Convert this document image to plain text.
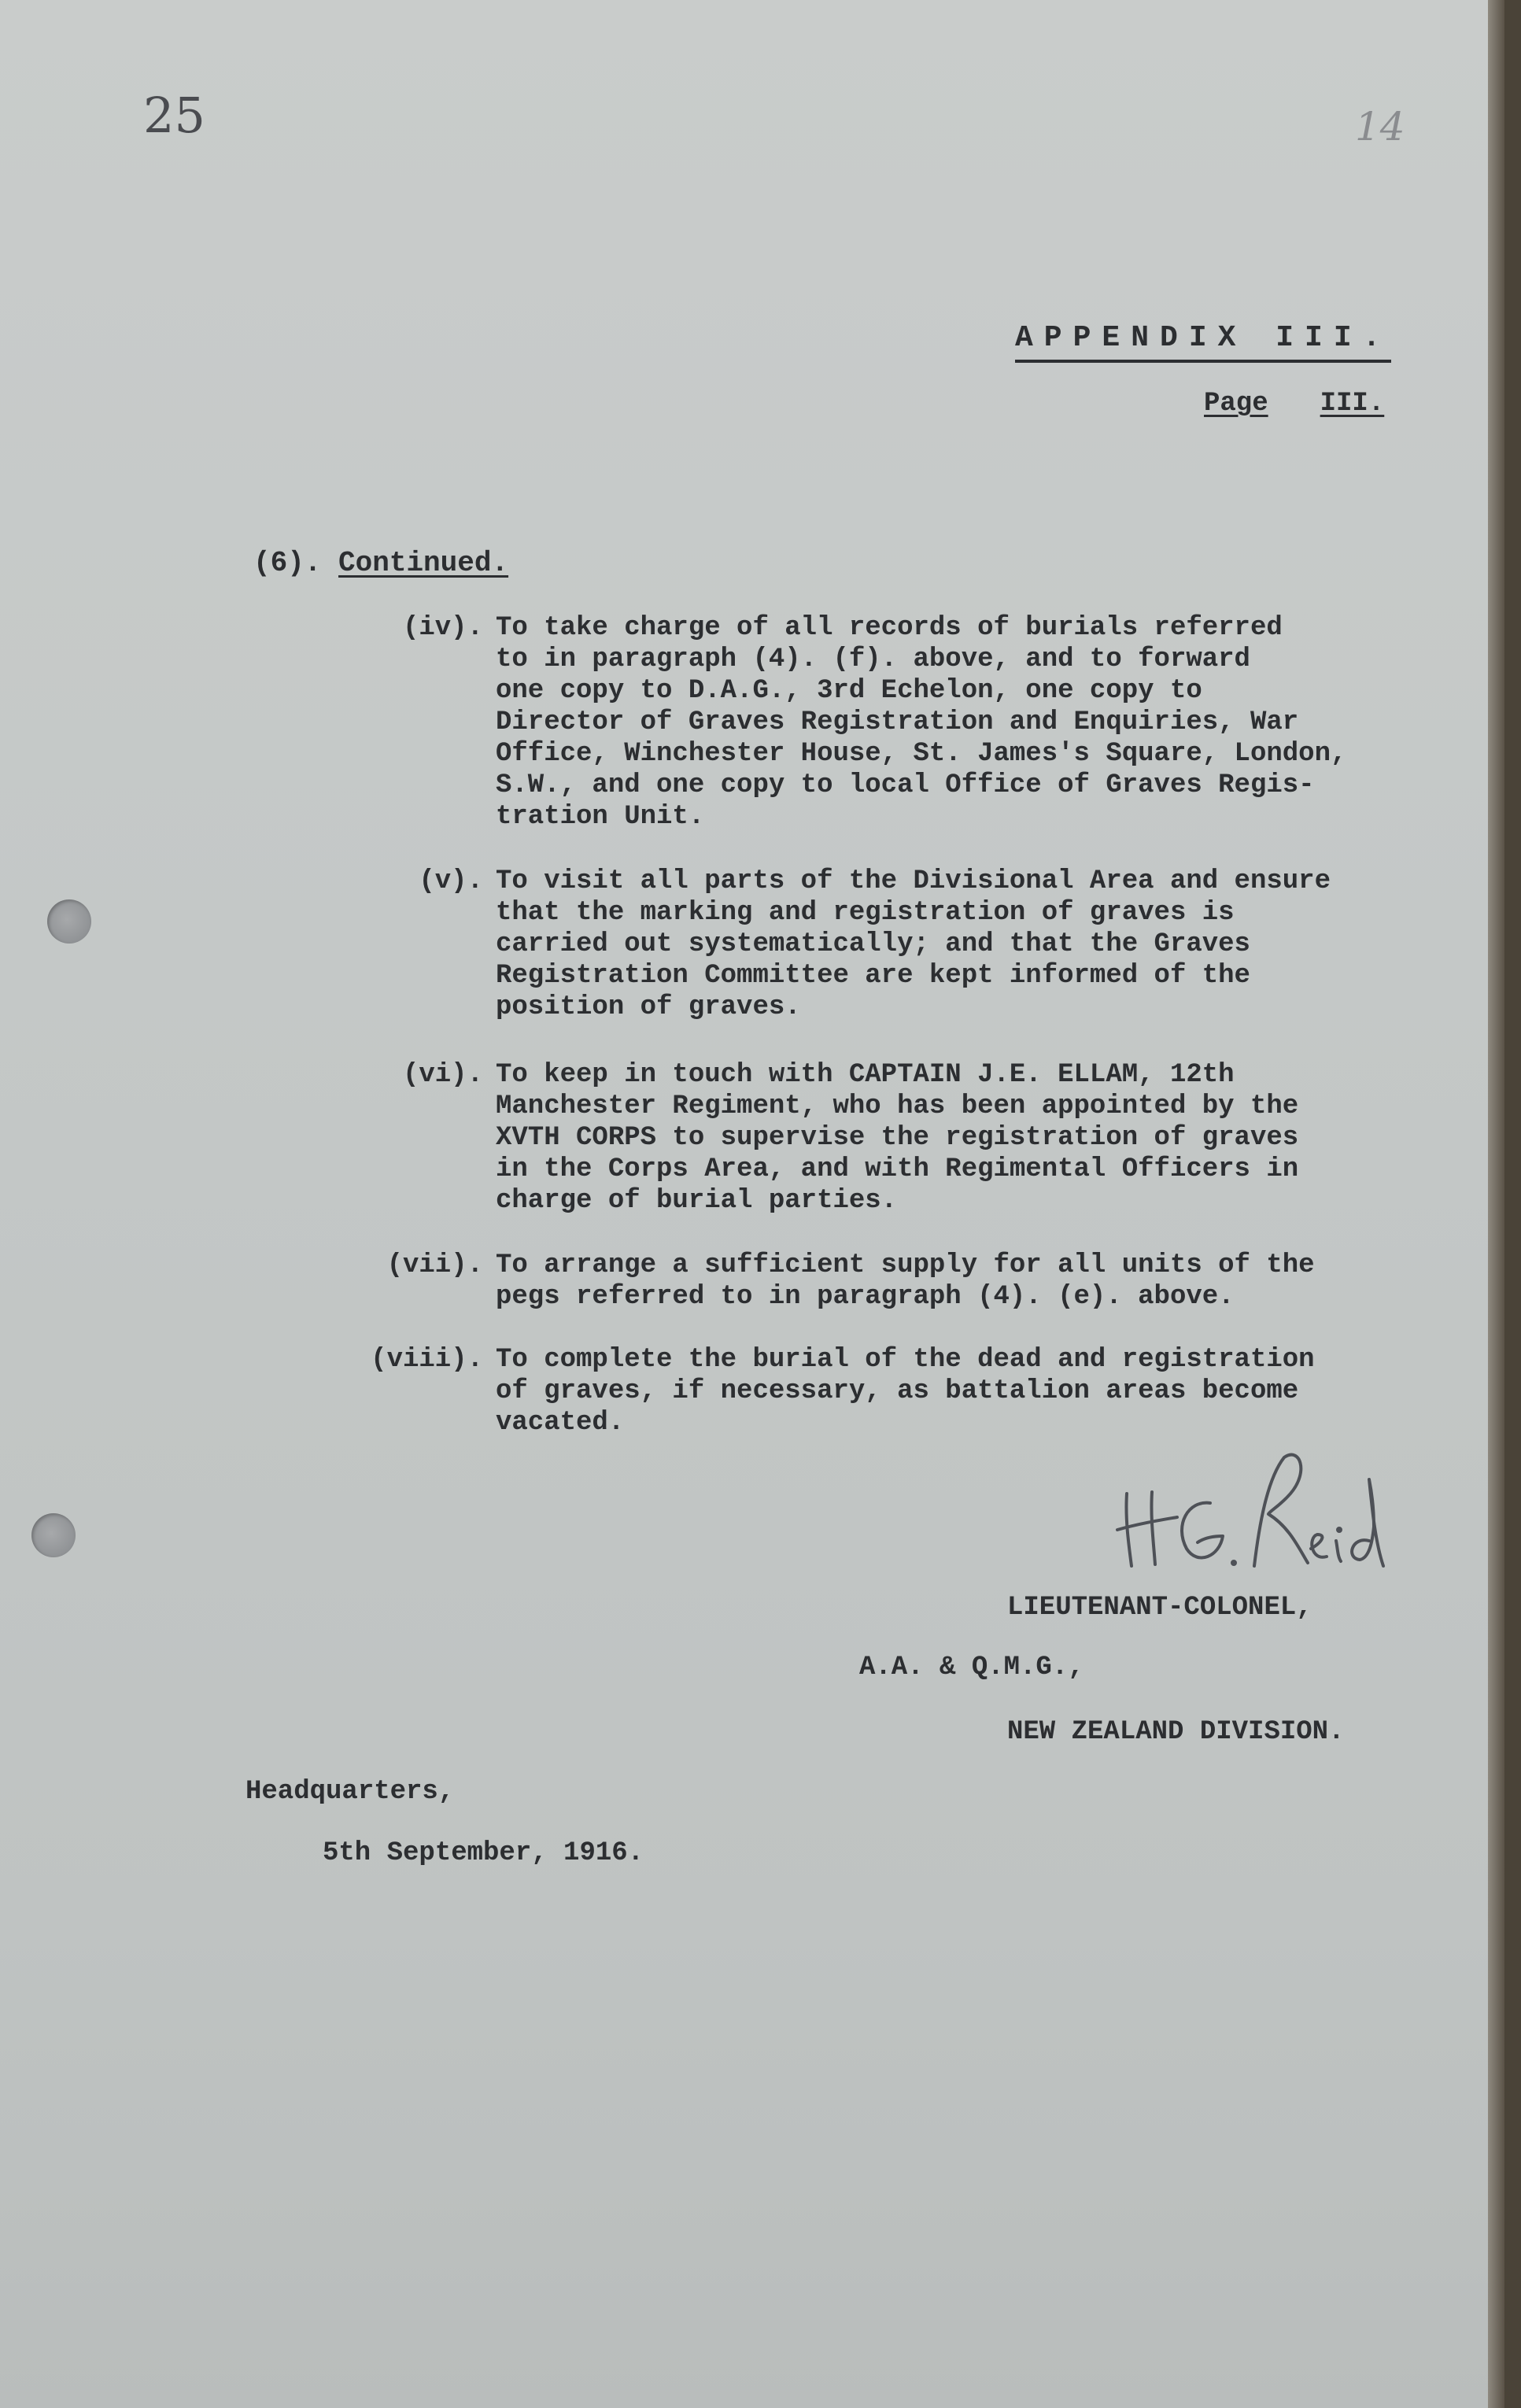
25	14
APPENDIX III.
Page III.
(6). Continued.
(iv). To take charge of all records of burials referred
to in paragraph (4). (f). above, and to forward
one copy to D.A.G., 3rd Echelon, one copy to
Director of Graves Registration and Enquiries, War
Office, Winchester House, St. James's Square, London,
S.W., and one copy to local Office of Graves Regis-
tration Unit.
(v). To visit all parts of the Divisional Area and ensure
that the marking and registration of graves is
carried out systematically; and that the Graves
Registration Committee are kept informed of the
position of graves.
(vi). To keep in touch with CAPTAIN J.E. ELLAM, 12th
Manchester Regiment, who has been appointed by the
XVTH CORPS to supervise the registration of graves
in the Corps Area, and with Regimental Officers in
charge of burial parties.
(vii). To arrange a sufficient supply for all units of the
pegs referred to in paragraph (4). (e). above.
(viii). To complete the burial of the dead and registration
of graves, if necessary, as battalion areas become
vacated.
LIEUTENANT-COLONEL,
A.A. & Q.M.G.,
NEW ZEALAND DIVISION.
Headquarters,
5th September, 1916.
